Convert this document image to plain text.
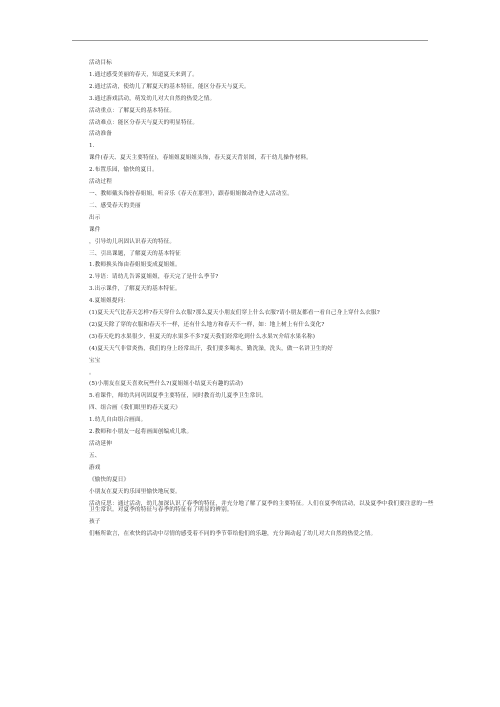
活动目标

1.通过感受美丽的春天，知道夏天来到了。

2.通过活动，使幼儿了解夏天的基本特征，能区分春天与夏天。

3.通过游戏活动，萌发幼儿对大自然的热爱之情。

活动重点：了解夏天的基本特征。

活动难点：能区分春天与夏天的明显特征。

活动准备

1.

课件(春天、夏天主要特征)，春姐姐夏姐姐头饰，春天夏天背景图，若干幼儿操作材料。

2.布置乐园，愉快的夏日。

活动过程

一、教师戴头饰扮春姐姐，听音乐《春天在那里》，跟春姐姐做动作进入活动室。

二、感受春天的美丽

出示

课件

，引导幼儿巩固认识春天的特征。

三、引出课题，了解夏天的基本特征

1.教师换头饰由春姐姐变成夏姐姐。

2.导语：请幼儿告诉夏姐姐，春天完了是什么季节?

3.出示课件，了解夏天的基本特征。

4.夏姐姐提问：

(1)夏天天气比春天怎样?春天穿什么衣服?那么夏天小朋友们穿上什么衣服?请小朋友都看一看自己身上穿什么衣服?

(2)夏天除了穿的衣服和春天不一样，还有什么地方和春天不一样，如：地上树上有什么变化?

(3)春天吃的水果很少，但夏天的水果多不多?夏天我们经常吃到什么水果?(介绍水果名称)

(4)夏天天气非常炎热，我们的身上经常出汗，我们要多喝水，勤洗澡，洗头，做一名讲卫生的好

宝宝

。

(5)小朋友在夏天喜欢玩些什么?(夏姐姐小结夏天有趣的活动)

5.看课件，师幼共同巩固夏季主要特征，同时教育幼儿夏季卫生常识。

四、组合画《我们眼里的春天夏天》

1.幼儿自由组合画面。

2.教师和小朋友一起将画面创编成儿歌。

活动延伸

五、

游戏

《愉快的夏日》

小朋友在夏天的乐园里愉快地玩耍。

活动反思：通过活动，幼儿加深认识了春季的特征，并充分地了解了夏季的主要特征。人们在夏季的活动，以及夏季中我们要注意的一些卫生常识。对夏季的特征与春季的特征有了明显的辨别。

孩子

们畅所欲言，在欢快的活动中尽情的感受着不同的季节带给他们的乐趣，充分调动起了幼儿对大自然的热爱之情。
